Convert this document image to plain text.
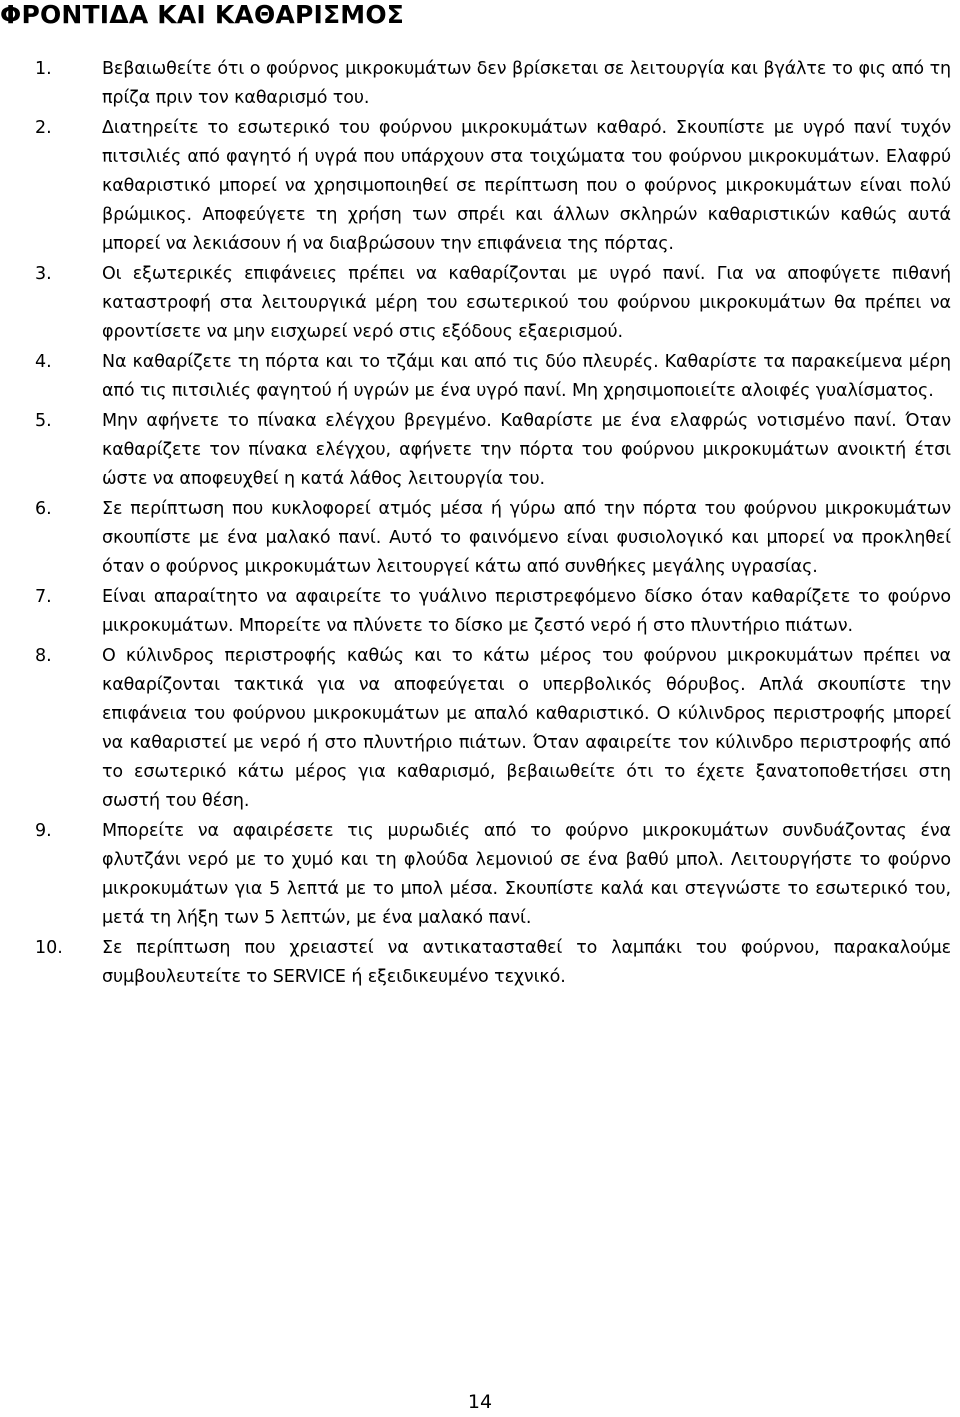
ΦΡΟΝΤΙΔΑ ΚΑΙ ΚΑΘΑΡΙΣΜΟΣ
1.	Βεβαιωθείτε ότι ο φούρνος μικροκυμάτων δεν βρίσκεται σε λειτουργία και βγάλτε το φις από τη πρίζα πριν τον καθαρισμό του.
2.	Διατηρείτε το εσωτερικό του φούρνου μικροκυμάτων καθαρό. Σκουπίστε με υγρό πανί τυχόν πιτσιλιές από φαγητό ή υγρά που υπάρχουν στα τοιχώματα του φούρνου μικροκυμάτων. Ελαφρύ καθαριστικό μπορεί να χρησιμοποιηθεί σε περίπτωση που ο φούρνος μικροκυμάτων είναι πολύ βρώμικος. Αποφεύγετε τη χρήση των σπρέι και άλλων σκληρών καθαριστικών καθώς αυτά μπορεί να λεκιάσουν ή να διαβρώσουν την επιφάνεια της πόρτας.
3.	Οι εξωτερικές επιφάνειες πρέπει να καθαρίζονται με υγρό πανί. Για να αποφύγετε πιθανή καταστροφή στα λειτουργικά μέρη του εσωτερικού του φούρνου μικροκυμάτων θα πρέπει να φροντίσετε να μην εισχωρεί νερό στις εξόδους εξαερισμού.
4.	Να καθαρίζετε τη πόρτα και το τζάμι και από τις δύο πλευρές. Καθαρίστε τα παρακείμενα μέρη από τις πιτσιλιές φαγητού ή υγρών με ένα υγρό πανί. Μη χρησιμοποιείτε αλοιφές γυαλίσματος.
5.	Μην αφήνετε το πίνακα ελέγχου βρεγμένο. Καθαρίστε με ένα ελαφρώς νοτισμένο πανί. Όταν καθαρίζετε τον πίνακα ελέγχου, αφήνετε την πόρτα του φούρνου μικροκυμάτων ανοικτή έτσι ώστε να αποφευχθεί η κατά λάθος λειτουργία του.
6.	Σε περίπτωση που κυκλοφορεί ατμός μέσα ή γύρω από την πόρτα του φούρνου μικροκυμάτων σκουπίστε με ένα μαλακό πανί. Αυτό το φαινόμενο είναι φυσιολογικό και μπορεί να προκληθεί όταν ο φούρνος μικροκυμάτων λειτουργεί κάτω από συνθήκες μεγάλης υγρασίας.
7.	Είναι απαραίτητο να αφαιρείτε το γυάλινο περιστρεφόμενο δίσκο όταν καθαρίζετε το φούρνο μικροκυμάτων. Μπορείτε να πλύνετε το δίσκο με ζεστό νερό ή στο πλυντήριο πιάτων.
8.	Ο κύλινδρος περιστροφής καθώς και το κάτω μέρος του φούρνου μικροκυμάτων πρέπει να καθαρίζονται τακτικά για να αποφεύγεται ο υπερβολικός θόρυβος. Απλά σκουπίστε την επιφάνεια του φούρνου μικροκυμάτων με απαλό καθαριστικό. Ο κύλινδρος περιστροφής μπορεί να καθαριστεί με νερό ή στο πλυντήριο πιάτων. Όταν αφαιρείτε τον κύλινδρο περιστροφής από το εσωτερικό κάτω μέρος για καθαρισμό, βεβαιωθείτε ότι το έχετε ξανατοποθετήσει στη σωστή του θέση.
9.	Μπορείτε να αφαιρέσετε τις μυρωδιές από το φούρνο μικροκυμάτων συνδυάζοντας ένα φλυτζάνι νερό με το χυμό και τη φλούδα λεμονιού σε ένα βαθύ μπολ. Λειτουργήστε το φούρνο μικροκυμάτων για 5 λεπτά με το μπολ μέσα. Σκουπίστε καλά και στεγνώστε το εσωτερικό του, μετά τη λήξη των 5 λεπτών, με ένα μαλακό πανί.
10. Σε περίπτωση που χρειαστεί να αντικατασταθεί το λαμπάκι του φούρνου, παρακαλούμε συμβουλευτείτε το SERVICE ή εξειδικευμένο τεχνικό.
14
